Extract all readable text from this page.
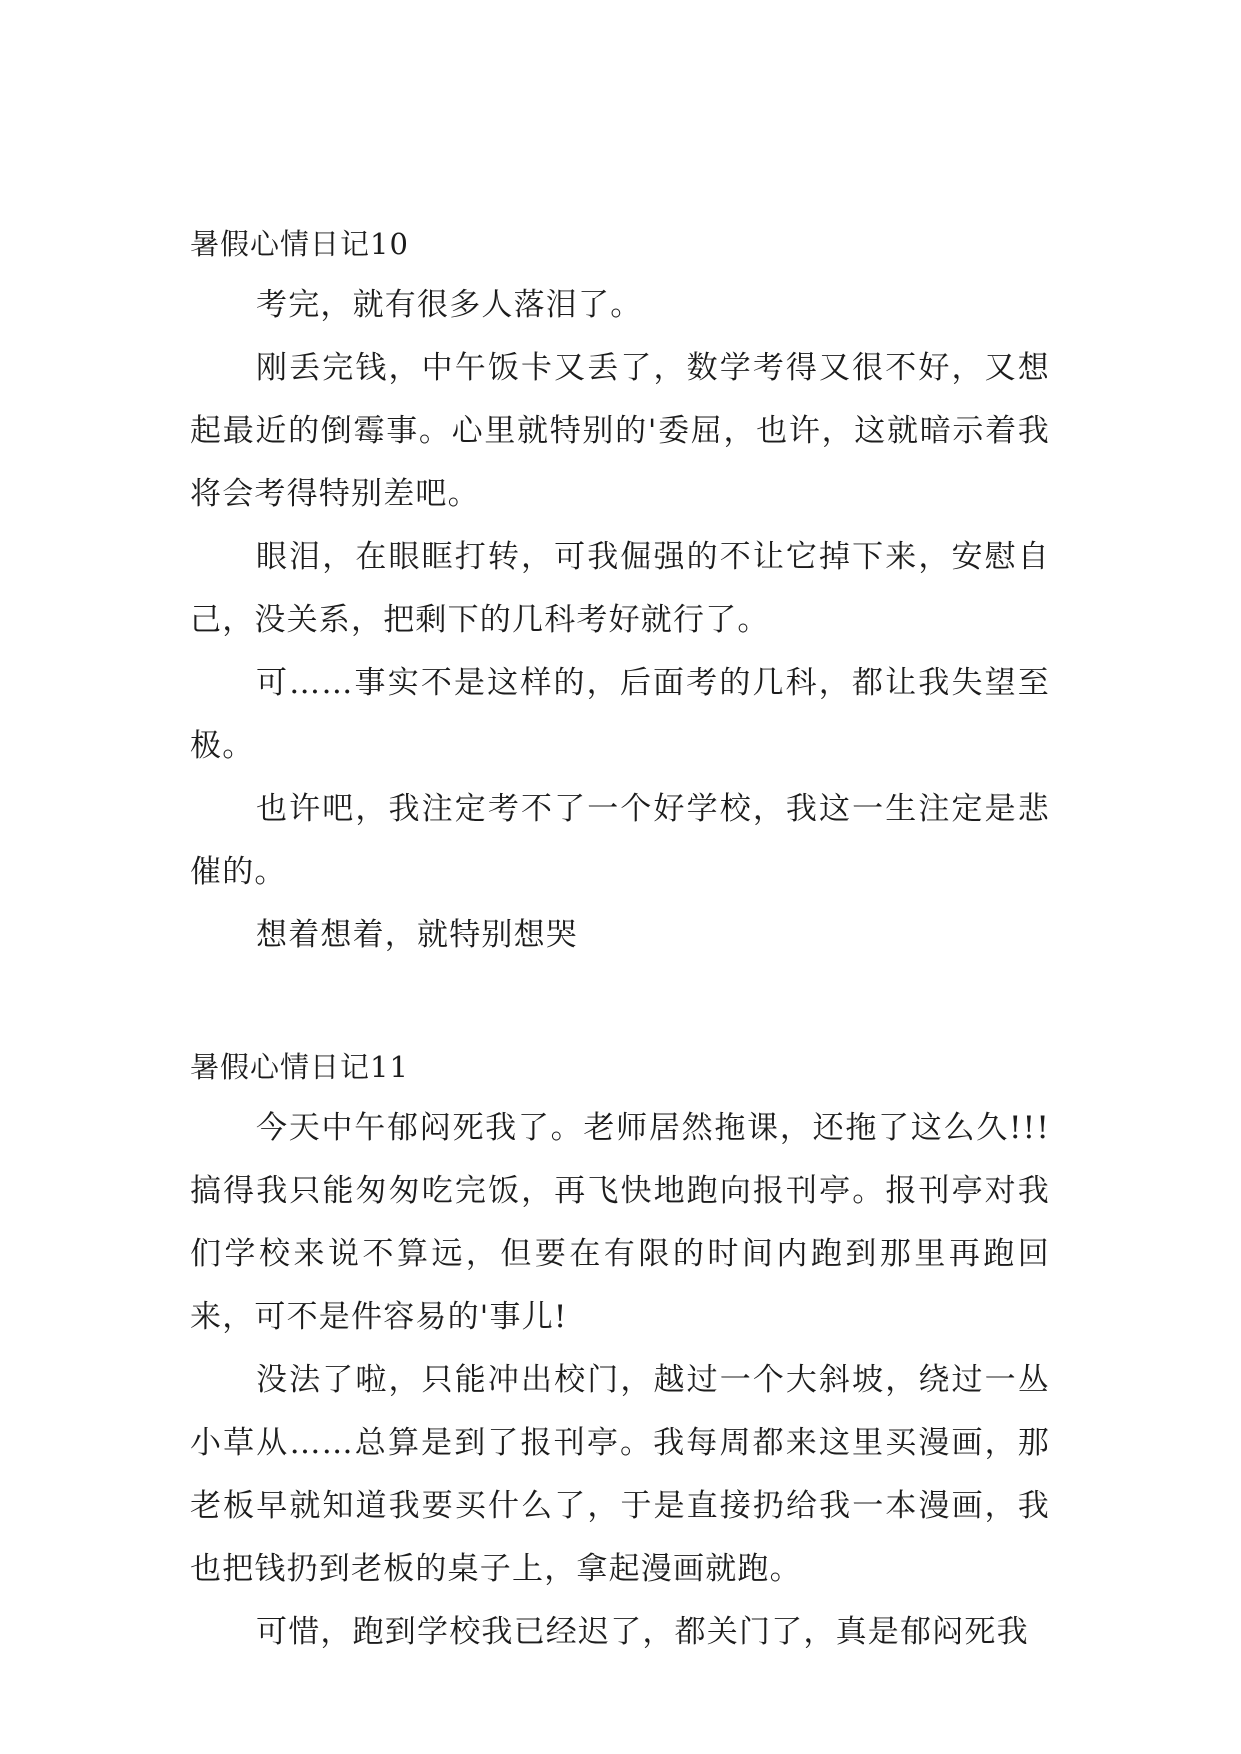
暑假心情日记10

考完，就有很多人落泪了。

刚丢完钱，中午饭卡又丢了，数学考得又很不好，又想起最近的倒霉事。心里就特别的'委屈，也许，这就暗示着我将会考得特别差吧。

眼泪，在眼眶打转，可我倔强的不让它掉下来，安慰自己，没关系，把剩下的几科考好就行了。

可……事实不是这样的，后面考的几科，都让我失望至极。

也许吧，我注定考不了一个好学校，我这一生注定是悲催的。

想着想着，就特别想哭

暑假心情日记11

今天中午郁闷死我了。老师居然拖课，还拖了这么久!!! 搞得我只能匆匆吃完饭，再飞快地跑向报刊亭。报刊亭对我们学校来说不算远，但要在有限的时间内跑到那里再跑回来，可不是件容易的'事儿!

没法了啦，只能冲出校门，越过一个大斜坡，绕过一丛小草从……总算是到了报刊亭。我每周都来这里买漫画，那老板早就知道我要买什么了，于是直接扔给我一本漫画，我也把钱扔到老板的桌子上，拿起漫画就跑。

可惜，跑到学校我已经迟了，都关门了，真是郁闷死我
